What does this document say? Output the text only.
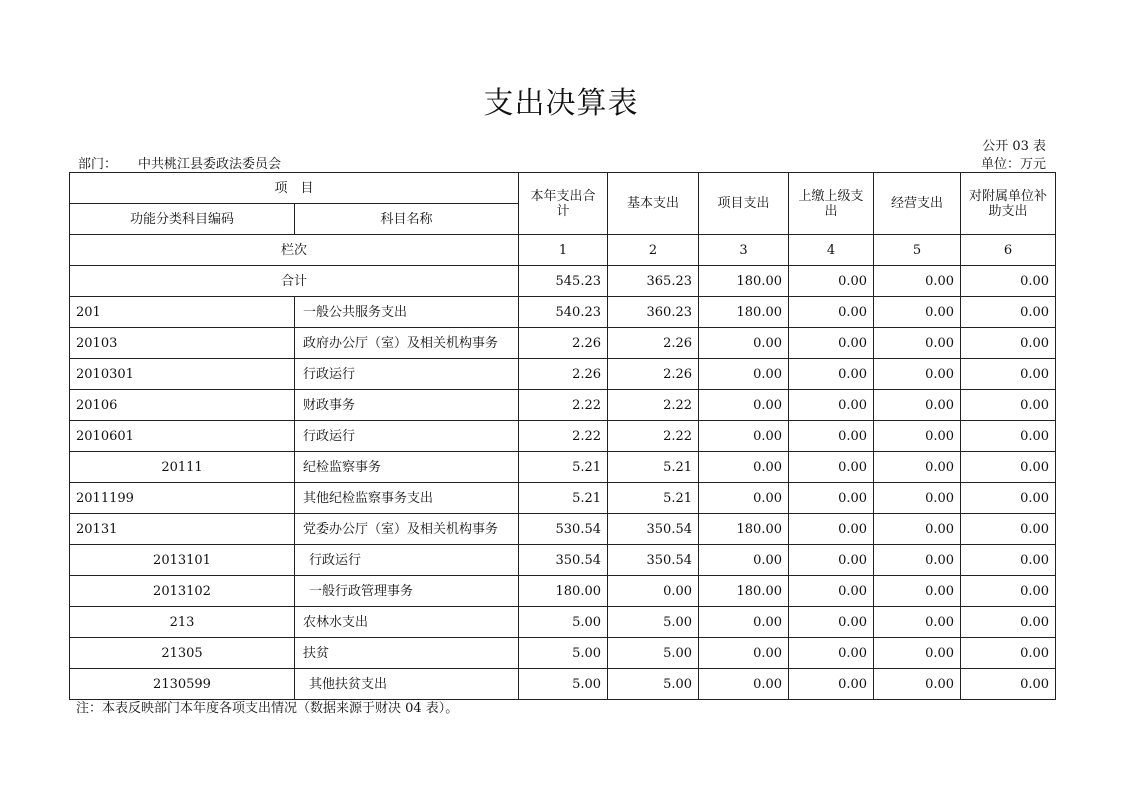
支出决算表
公开 03 表
部门： 中共桃江县委政法委员会	单位：万元
项　目		本年支出合计	基本支出	项目支出	上缴上级支出	经营支出	对附属单位补助支出
功能分类科目编码	科目名称						
栏次		1	2	3	4	5	6
合计		545.23	365.23	180.00	0.00	0.00	0.00
201	一般公共服务支出	540.23	360.23	180.00	0.00	0.00	0.00
20103	政府办公厅（室）及相关机构事务	2.26	2.26	0.00	0.00	0.00	0.00
2010301	行政运行	2.26	2.26	0.00	0.00	0.00	0.00
20106	财政事务	2.22	2.22	0.00	0.00	0.00	0.00
2010601	行政运行	2.22	2.22	0.00	0.00	0.00	0.00
20111	纪检监察事务	5.21	5.21	0.00	0.00	0.00	0.00
2011199	其他纪检监察事务支出	5.21	5.21	0.00	0.00	0.00	0.00
20131	党委办公厅（室）及相关机构事务	530.54	350.54	180.00	0.00	0.00	0.00
2013101	行政运行	350.54	350.54	0.00	0.00	0.00	0.00
2013102	一般行政管理事务	180.00	0.00	180.00	0.00	0.00	0.00
213	农林水支出	5.00	5.00	0.00	0.00	0.00	0.00
21305	扶贫	5.00	5.00	0.00	0.00	0.00	0.00
2130599	其他扶贫支出	5.00	5.00	0.00	0.00	0.00	0.00
注：本表反映部门本年度各项支出情况（数据来源于财决 04 表）。
